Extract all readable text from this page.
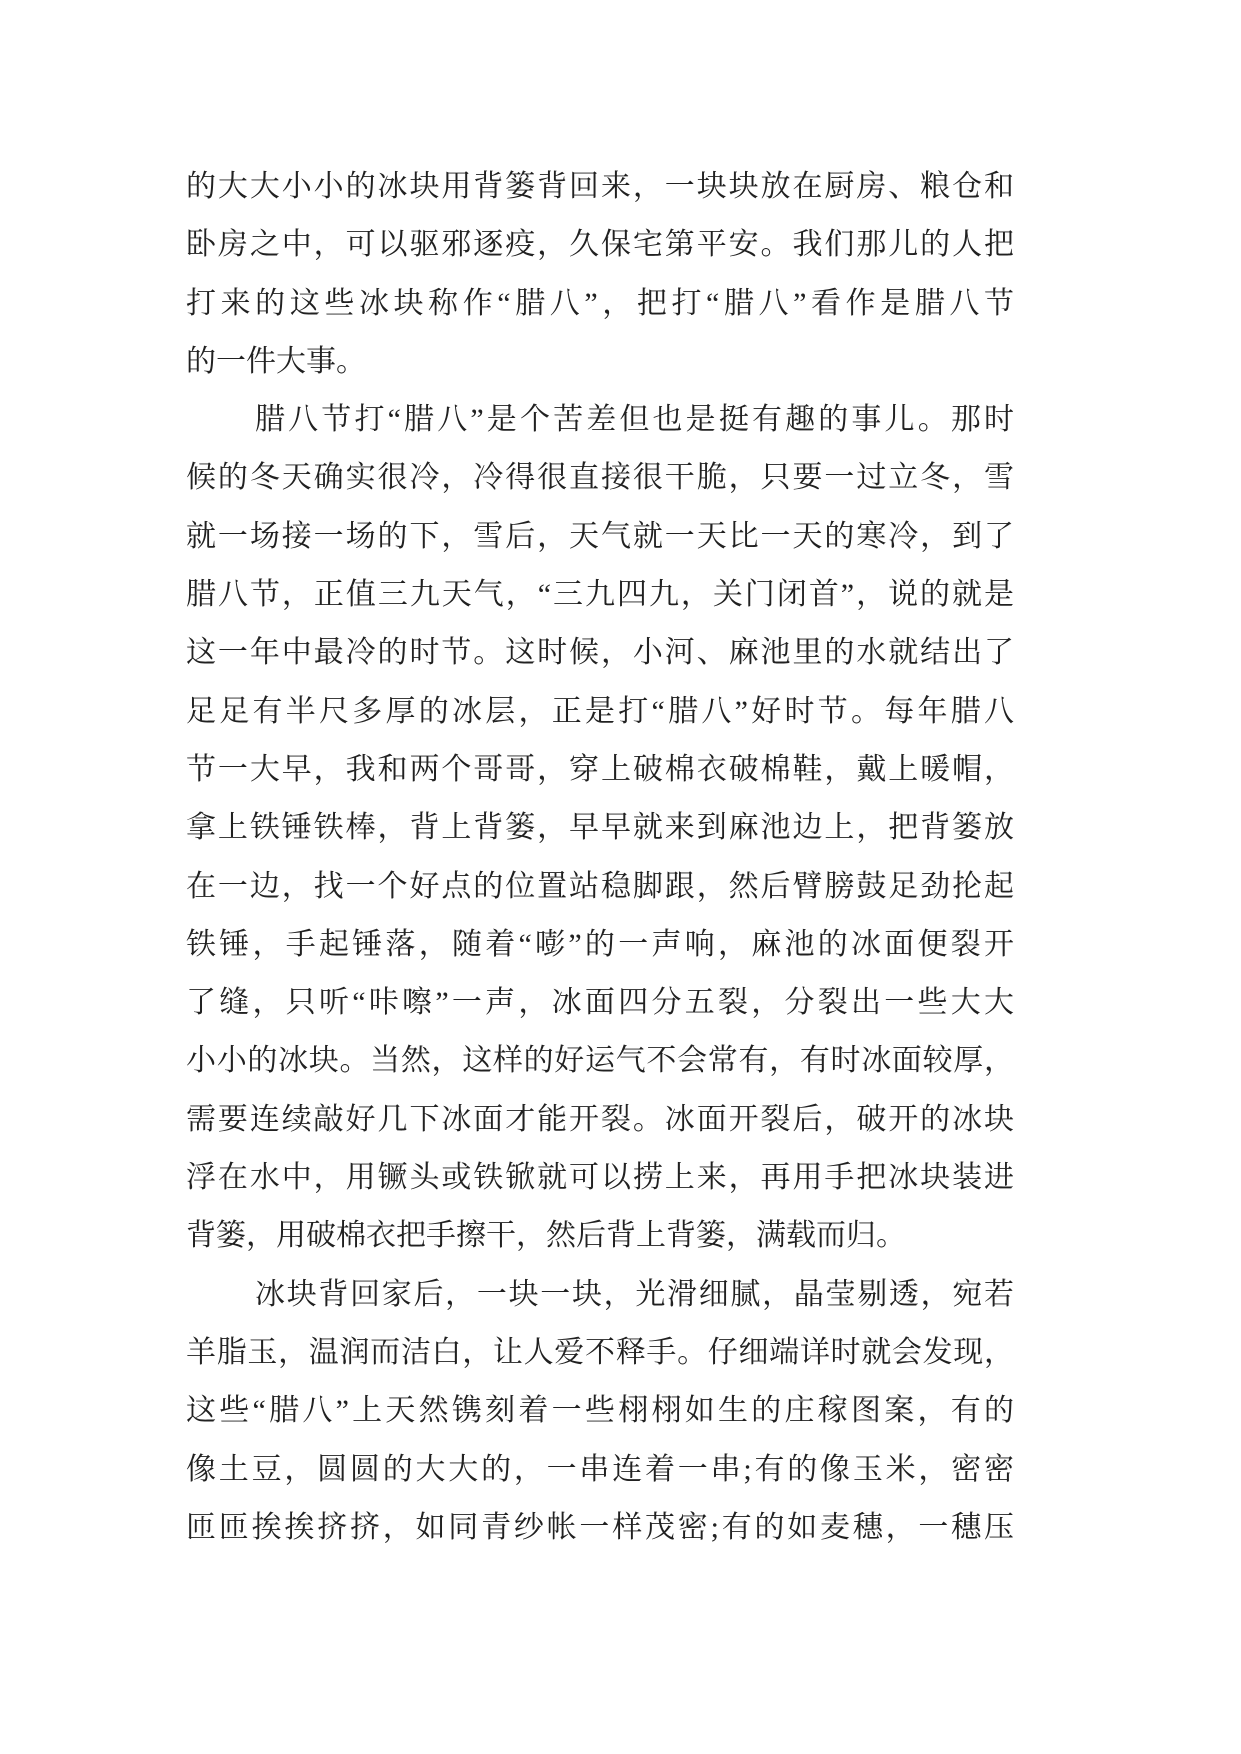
的大大小小的冰块用背篓背回来，一块块放在厨房、粮仓和
卧房之中，可以驱邪逐疫，久保宅第平安。我们那儿的人把
打来的这些冰块称作“腊八”，把打“腊八”看作是腊八节
的一件大事。
腊八节打“腊八”是个苦差但也是挺有趣的事儿。那时
候的冬天确实很冷，冷得很直接很干脆，只要一过立冬，雪
就一场接一场的下，雪后，天气就一天比一天的寒冷，到了
腊八节，正值三九天气，“三九四九，关门闭首”，说的就是
这一年中最冷的时节。这时候，小河、麻池里的水就结出了
足足有半尺多厚的冰层，正是打“腊八”好时节。每年腊八
节一大早，我和两个哥哥，穿上破棉衣破棉鞋，戴上暖帽，
拿上铁锤铁棒，背上背篓，早早就来到麻池边上，把背篓放
在一边，找一个好点的位置站稳脚跟，然后臂膀鼓足劲抡起
铁锤，手起锤落，随着“嘭”的一声响，麻池的冰面便裂开
了缝，只听“咔嚓”一声，冰面四分五裂，分裂出一些大大
小小的冰块。当然，这样的好运气不会常有，有时冰面较厚，
需要连续敲好几下冰面才能开裂。冰面开裂后，破开的冰块
浮在水中，用镢头或铁锨就可以捞上来，再用手把冰块装进
背篓，用破棉衣把手擦干，然后背上背篓，满载而归。
冰块背回家后，一块一块，光滑细腻，晶莹剔透，宛若
羊脂玉，温润而洁白，让人爱不释手。仔细端详时就会发现，
这些“腊八”上天然镌刻着一些栩栩如生的庄稼图案，有的
像土豆，圆圆的大大的，一串连着一串;有的像玉米，密密
匝匝挨挨挤挤，如同青纱帐一样茂密;有的如麦穗，一穗压
